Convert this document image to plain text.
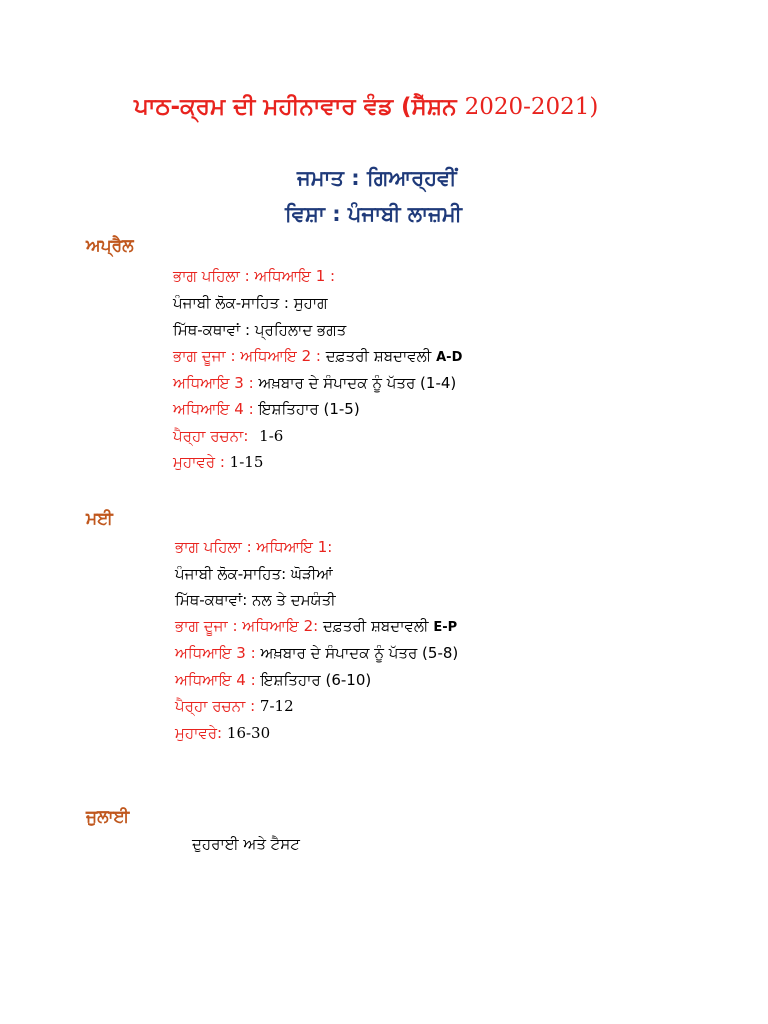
ਪਾਠ-ਕ੍ਰਮ ਦੀ ਮਹੀਨਾਵਾਰ ਵੰਡ (ਸੈੱਸ਼ਨ 2020-2021)
ਜਮਾਤ : ਗਿਆਰ੍ਹਵੀਂ
ਵਿਸ਼ਾ : ਪੰਜਾਬੀ ਲਾਜ਼ਮੀ
ਅਪ੍ਰੈਲ
ਭਾਗ ਪਹਿਲਾ : ਅਧਿਆਇ 1 :
ਪੰਜਾਬੀ ਲੋਕ-ਸਾਹਿਤ : ਸੁਹਾਗ
ਮਿੱਥ-ਕਥਾਵਾਂ : ਪ੍ਰਹਿਲਾਦ ਭਗਤ
ਭਾਗ ਦੂਜਾ : ਅਧਿਆਇ 2 : ਦਫ਼ਤਰੀ ਸ਼ਬਦਾਵਲੀ A-D
ਅਧਿਆਇ 3 : ਅਖ਼ਬਾਰ ਦੇ ਸੰਪਾਦਕ ਨੂੰ ਪੱਤਰ (1-4)
ਅਧਿਆਇ 4 : ਇਸ਼ਤਿਹਾਰ (1-5)
ਪੈਰ੍ਹਾ ਰਚਨਾ: 1-6
ਮੁਹਾਵਰੇ : 1-15
ਮਈ
ਭਾਗ ਪਹਿਲਾ : ਅਧਿਆਇ 1:
ਪੰਜਾਬੀ ਲੋਕ-ਸਾਹਿਤ: ਘੋੜੀਆਂ
ਮਿੱਥ-ਕਥਾਵਾਂ: ਨਲ ਤੇ ਦਮਯੰਤੀ
ਭਾਗ ਦੂਜਾ : ਅਧਿਆਇ 2: ਦਫ਼ਤਰੀ ਸ਼ਬਦਾਵਲੀ E-P
ਅਧਿਆਇ 3 : ਅਖ਼ਬਾਰ ਦੇ ਸੰਪਾਦਕ ਨੂੰ ਪੱਤਰ (5-8)
ਅਧਿਆਇ 4 : ਇਸ਼ਤਿਹਾਰ (6-10)
ਪੈਰ੍ਹਾ ਰਚਨਾ : 7-12
ਮੁਹਾਵਰੇ: 16-30
ਜੁਲਾਈ
ਦੁਹਰਾਈ ਅਤੇ ਟੈਸਟ
